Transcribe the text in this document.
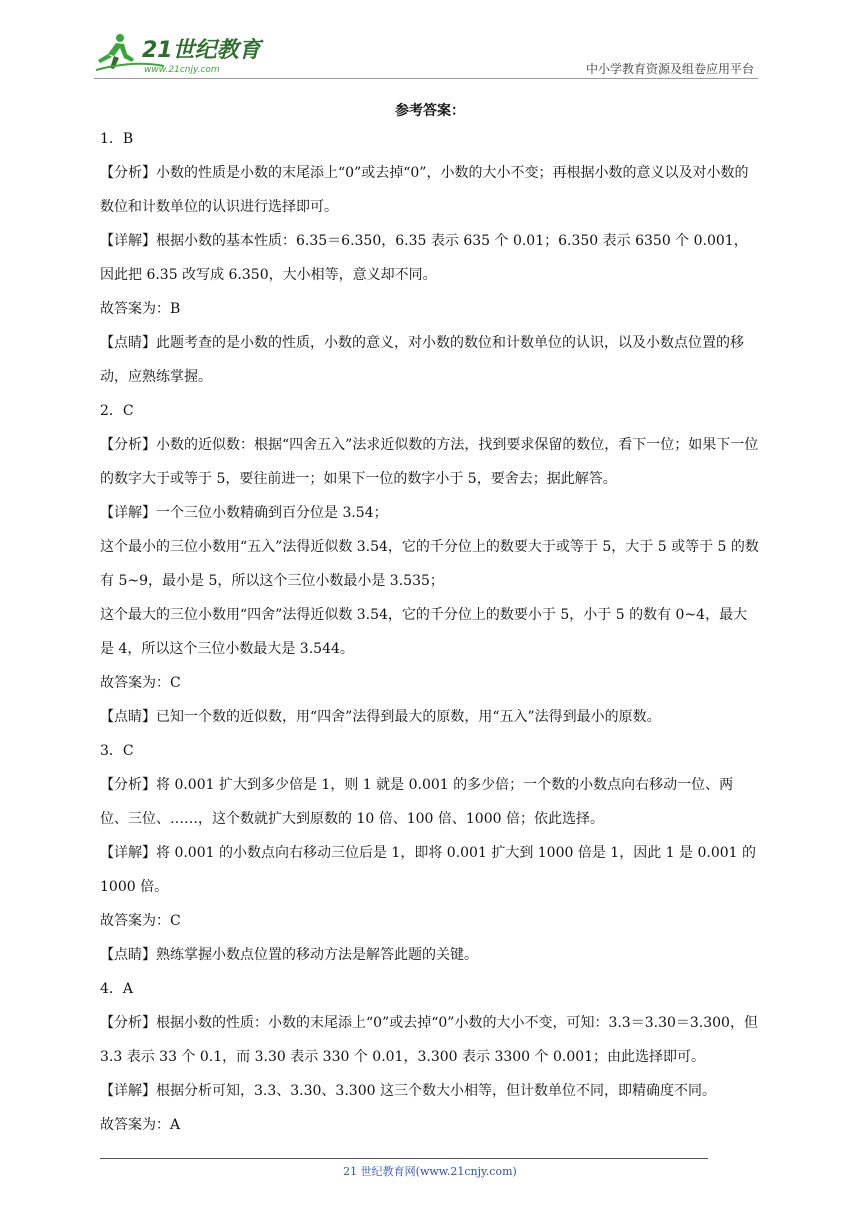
21世纪教育
www.21cnjy.com	中小学教育资源及组卷应用平台
参考答案：
1．B
【分析】小数的性质是小数的末尾添上“0”或去掉“0”，小数的大小不变；再根据小数的意义以及对小数的数位和计数单位的认识进行选择即可。
【详解】根据小数的基本性质：6.35＝6.350，6.35 表示 635 个 0.01；6.350 表示 6350 个 0.001，因此把 6.35 改写成 6.350，大小相等，意义却不同。
故答案为：B
【点睛】此题考查的是小数的性质，小数的意义，对小数的数位和计数单位的认识，以及小数点位置的移动，应熟练掌握。
2．C
【分析】小数的近似数：根据“四舍五入”法求近似数的方法，找到要求保留的数位，看下一位；如果下一位的数字大于或等于 5，要往前进一；如果下一位的数字小于 5，要舍去；据此解答。
【详解】一个三位小数精确到百分位是 3.54；
这个最小的三位小数用“五入”法得近似数 3.54，它的千分位上的数要大于或等于 5，大于 5 或等于 5 的数有 5~9，最小是 5，所以这个三位小数最小是 3.535；
这个最大的三位小数用“四舍”法得近似数 3.54，它的千分位上的数要小于 5，小于 5 的数有 0~4，最大是 4，所以这个三位小数最大是 3.544。
故答案为：C
【点睛】已知一个数的近似数，用“四舍”法得到最大的原数，用“五入”法得到最小的原数。
3．C
【分析】将 0.001 扩大到多少倍是 1，则 1 就是 0.001 的多少倍；一个数的小数点向右移动一位、两位、三位、……，这个数就扩大到原数的 10 倍、100 倍、1000 倍；依此选择。
【详解】将 0.001 的小数点向右移动三位后是 1，即将 0.001 扩大到 1000 倍是 1，因此 1 是 0.001 的 1000 倍。
故答案为：C
【点睛】熟练掌握小数点位置的移动方法是解答此题的关键。
4．A
【分析】根据小数的性质：小数的末尾添上“0”或去掉“0”小数的大小不变，可知：3.3＝3.30＝3.300，但 3.3 表示 33 个 0.1，而 3.30 表示 330 个 0.01，3.300 表示 3300 个 0.001；由此选择即可。
【详解】根据分析可知，3.3、3.30、3.300 这三个数大小相等，但计数单位不同，即精确度不同。
故答案为：A
21 世纪教育网(www.21cnjy.com)
